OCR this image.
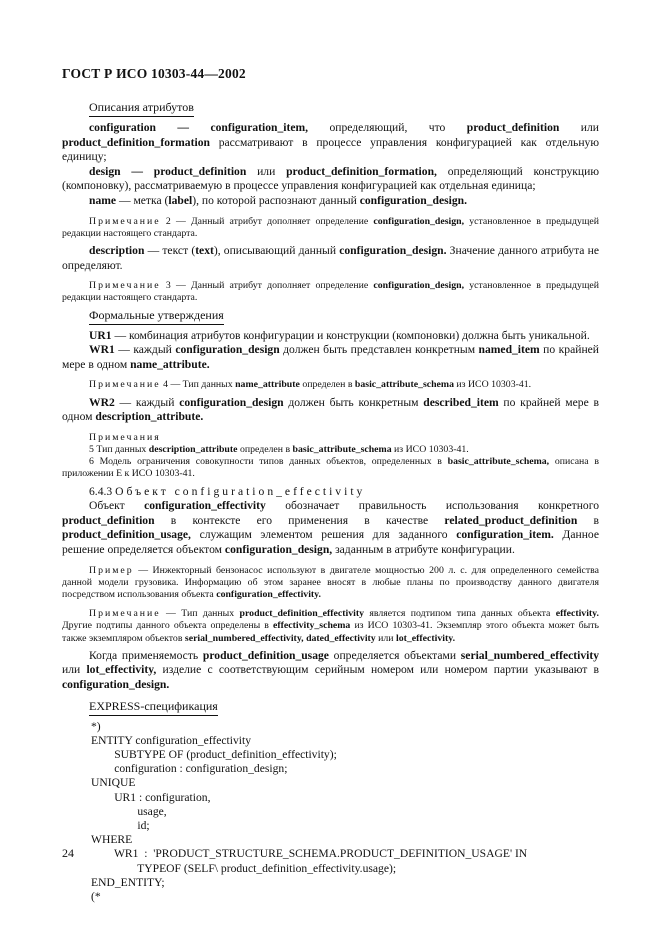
ГОСТ Р ИСО 10303-44—2002
Описания атрибутов

configuration — configuration_item, определяющий, что product_definition или product_definition_formation рассматривают в процессе управления конфигурацией как отдельную единицу;

design — product_definition или product_definition_formation, определяющий конструкцию (компоновку), рассматриваемую в процессе управления конфигурацией как отдельная единица;

name — метка (label), по которой распознают данный configuration_design.

Примечание 2 — Данный атрибут дополняет определение configuration_design, установленное в предыдущей редакции настоящего стандарта.

description — текст (text), описывающий данный configuration_design. Значение данного атрибута не определяют.

Примечание 3 — Данный атрибут дополняет определение configuration_design, установленное в предыдущей редакции настоящего стандарта.

Формальные утверждения

UR1 — комбинация атрибутов конфигурации и конструкции (компоновки) должна быть уникальной.

WR1 — каждый configuration_design должен быть представлен конкретным named_item по крайней мере в одном name_attribute.

Примечание 4 — Тип данных name_attribute определен в basic_attribute_schema из ИСО 10303-41.

WR2 — каждый configuration_design должен быть конкретным described_item по крайней мере в одном description_attribute.

Примечания

5 Тип данных description_attribute определен в basic_attribute_schema из ИСО 10303-41.

6 Модель ограничения совокупности типов данных объектов, определенных в basic_attribute_schema, описана в приложении Е к ИСО 10303-41.

6.4.3 Объект configuration_effectivity

Объект configuration_effectivity обозначает правильность использования конкретного product_definition в контексте его применения в качестве related_product_definition в product_definition_usage, служащим элементом решения для заданного configuration_item. Данное решение определяется объектом configuration_design, заданным в атрибуте конфигурации.

Пример — Инжекторный бензонасос используют в двигателе мощностью 200 л. с. для определенного семейства данной модели грузовика. Информацию об этом заранее вносят в любые планы по производству данного двигателя посредством использования объекта configuration_effectivity.

Примечание — Тип данных product_definition_effectivity является подтипом типа данных объекта effectivity. Другие подтипы данного объекта определены в effectivity_schema из ИСО 10303-41. Экземпляр этого объекта может быть также экземпляром объектов serial_numbered_effectivity, dated_effectivity или lot_effectivity.

Когда применяемость product_definition_usage определяется объектами serial_numbered_effectivity или lot_effectivity, изделие с соответствующим серийным номером или номером партии указывают в configuration_design.

EXPRESS-спецификация
*)
ENTITY configuration_effectivity
SUBTYPE OF (product_definition_effectivity);
configuration : configuration_design;
UNIQUE
UR1 : configuration,
usage,
id;
WHERE
WR1  :  'PRODUCT_STRUCTURE_SCHEMA.PRODUCT_DEFINITION_USAGE' IN
TYPEOF (SELF\ product_definition_effectivity.usage);
END_ENTITY;
(*
24
